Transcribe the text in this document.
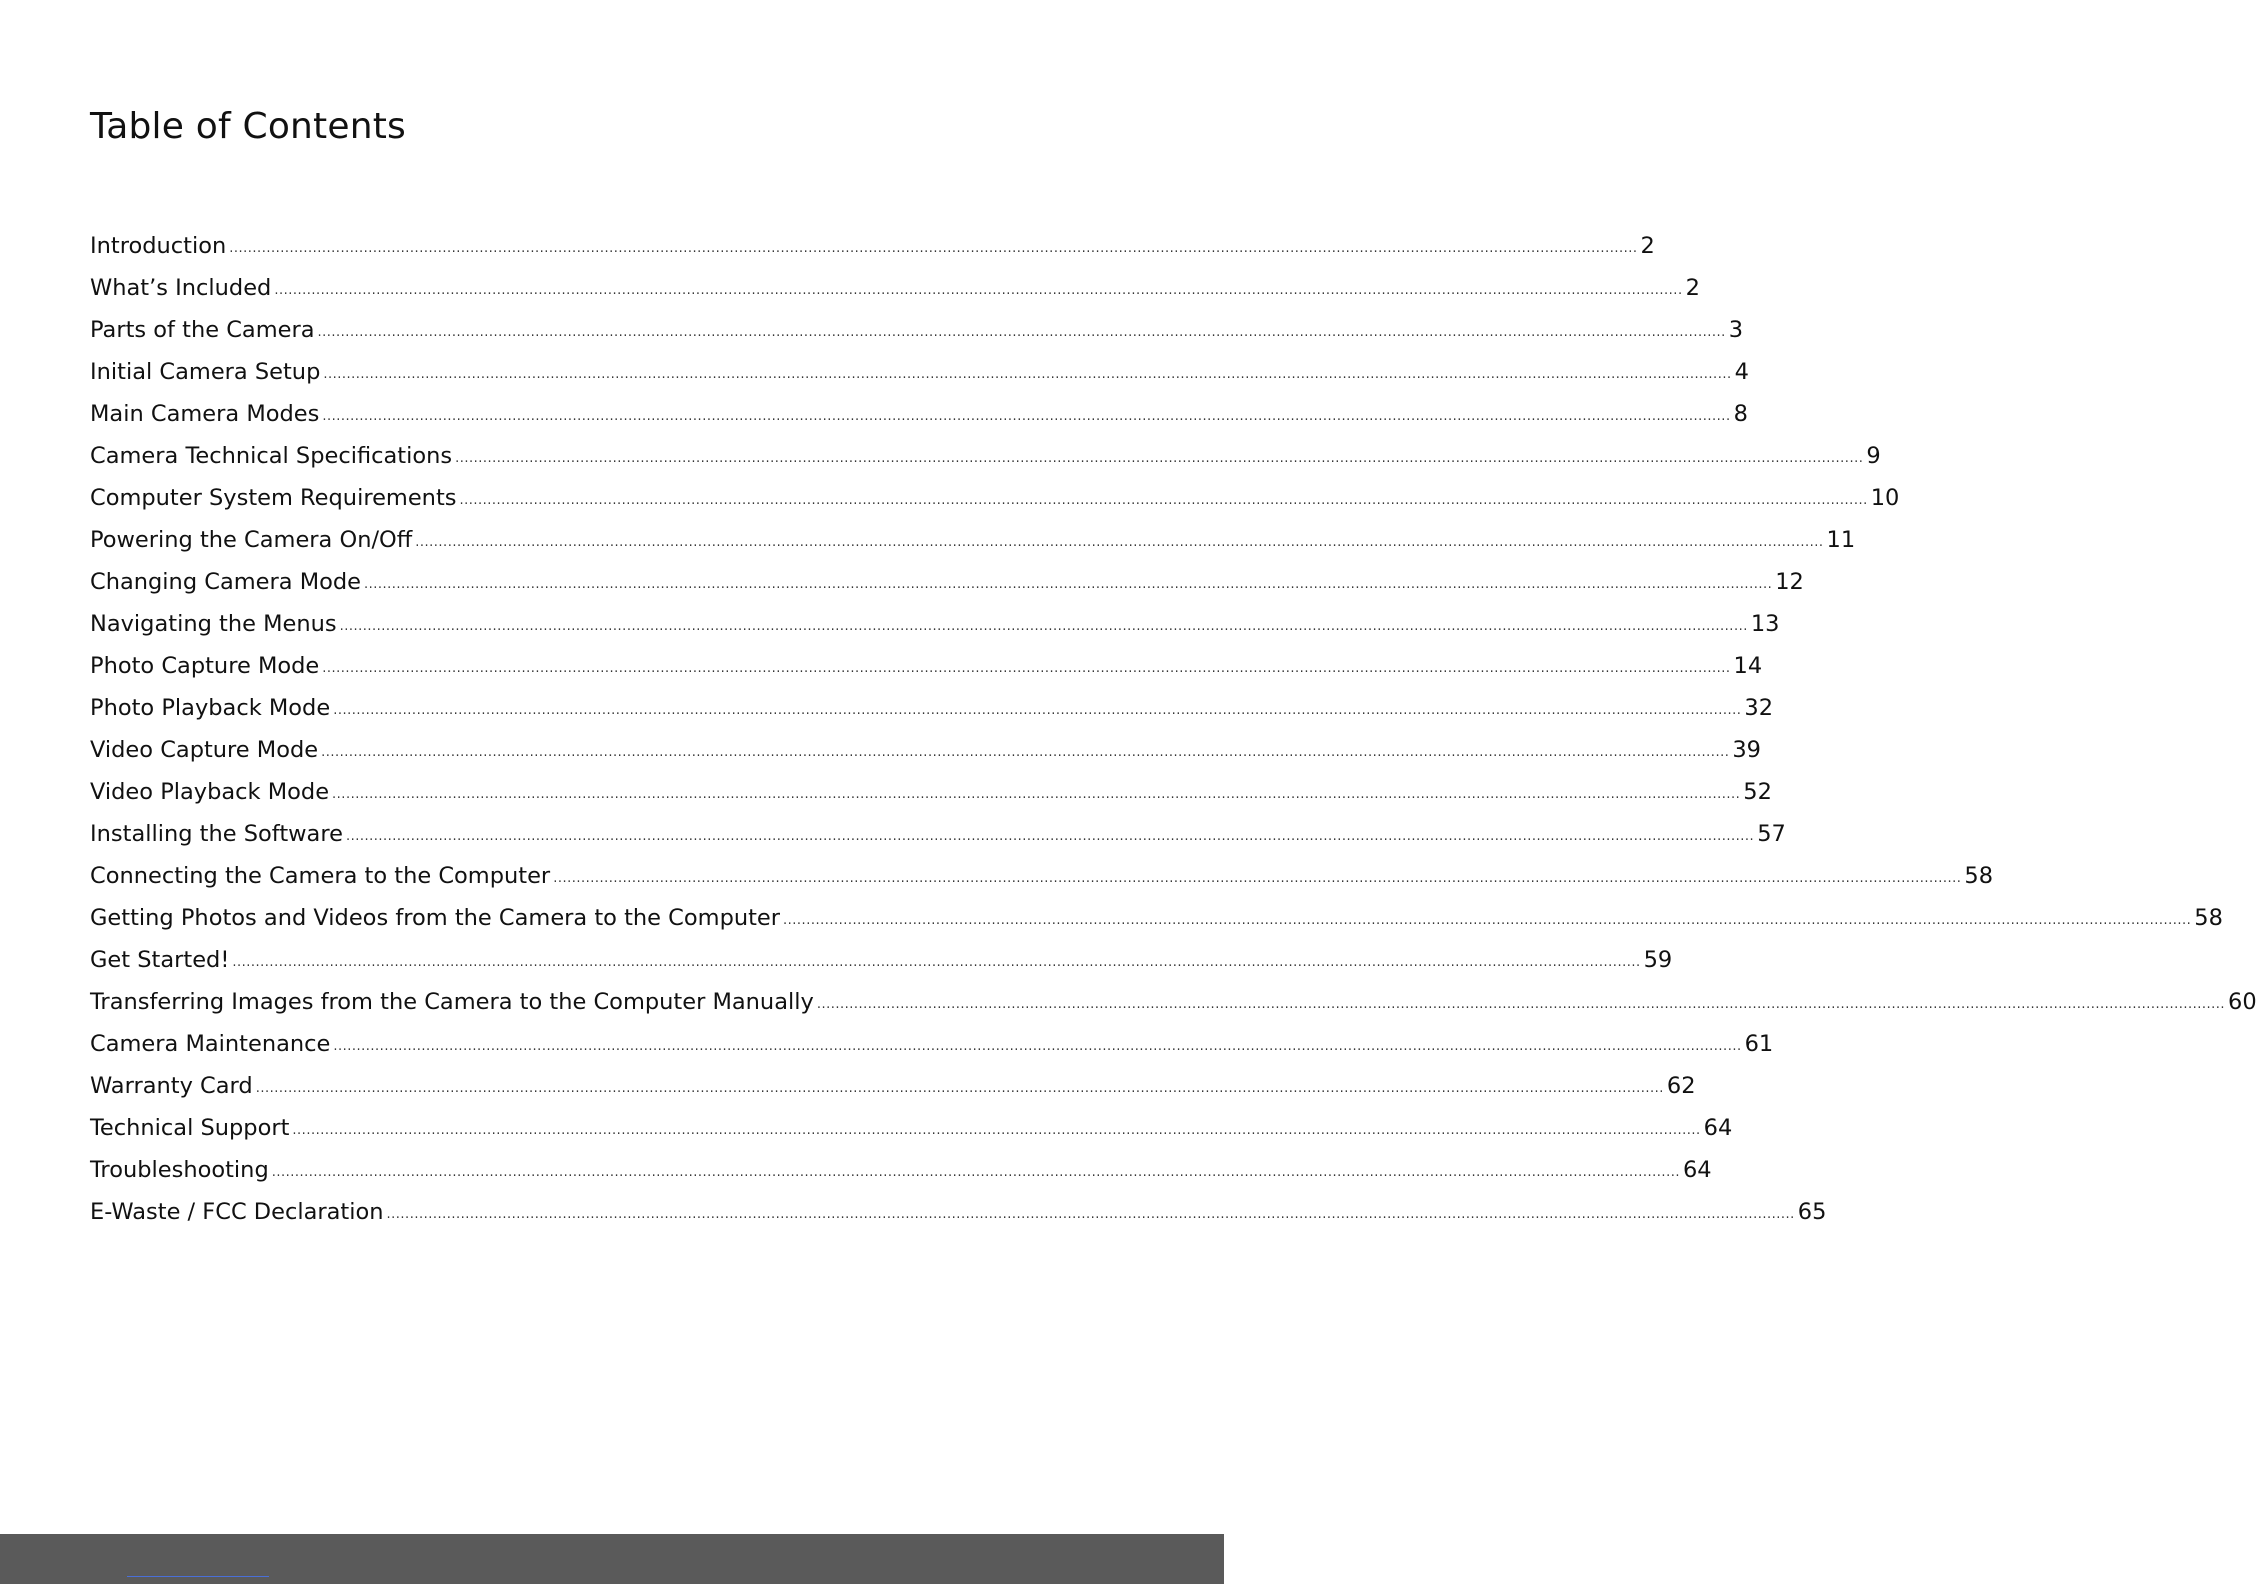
Table of Contents
Introduction ................................................................................................................................................................................................................................................................................................................ 2
What’s Included ................................................................................................................................................................................................................................................................................................................ 2
Parts of the Camera ................................................................................................................................................................................................................................................................................................................ 3
Initial Camera Setup ................................................................................................................................................................................................................................................................................................................ 4
Main Camera Modes ................................................................................................................................................................................................................................................................................................................ 8
Camera Technical Specifications ................................................................................................................................................................................................................................................................................................................ 9
Computer System Requirements ................................................................................................................................................................................................................................................................................................................ 10
Powering the Camera On/Off ................................................................................................................................................................................................................................................................................................................ 11
Changing Camera Mode ................................................................................................................................................................................................................................................................................................................ 12
Navigating the Menus ................................................................................................................................................................................................................................................................................................................ 13
Photo Capture Mode ................................................................................................................................................................................................................................................................................................................ 14
Photo Playback Mode ................................................................................................................................................................................................................................................................................................................ 32
Video Capture Mode ................................................................................................................................................................................................................................................................................................................ 39
Video Playback Mode ................................................................................................................................................................................................................................................................................................................ 52
Installing the Software ................................................................................................................................................................................................................................................................................................................ 57
Connecting the Camera to the Computer ................................................................................................................................................................................................................................................................................................................ 58
Getting Photos and Videos from the Camera to the Computer ................................................................................................................................................................................................................................................................................................................ 58
Get Started! ................................................................................................................................................................................................................................................................................................................ 59
Transferring Images from the Camera to the Computer Manually ................................................................................................................................................................................................................................................................................................................ 60
Camera Maintenance ................................................................................................................................................................................................................................................................................................................ 61
Warranty Card ................................................................................................................................................................................................................................................................................................................ 62
Technical Support ................................................................................................................................................................................................................................................................................................................ 64
Troubleshooting ................................................................................................................................................................................................................................................................................................................ 64
E-Waste / FCC Declaration ................................................................................................................................................................................................................................................................................................................ 65
